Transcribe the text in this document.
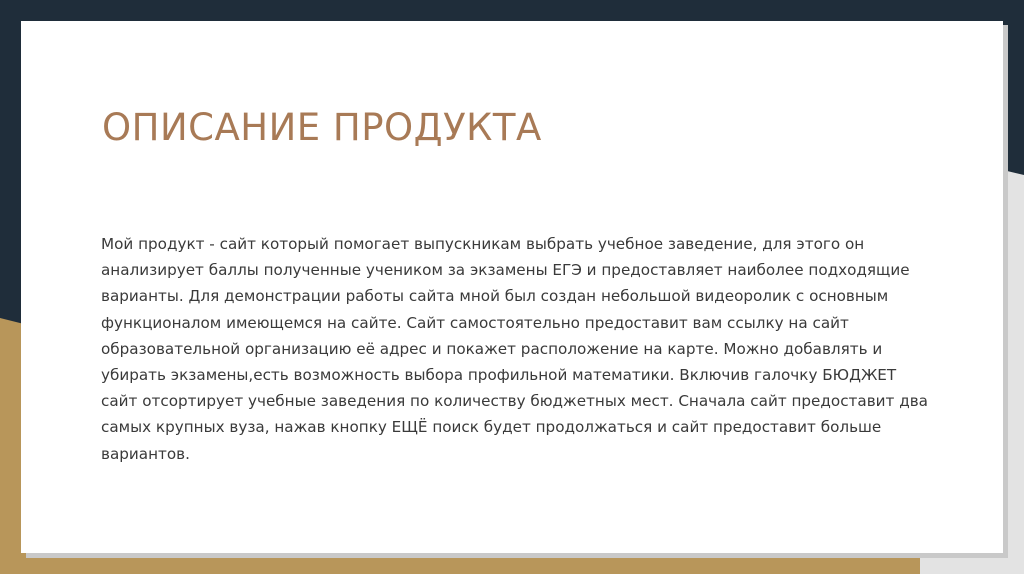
ОПИСАНИЕ ПРОДУКТА

Мой продукт - сайт который помогает выпускникам выбрать учебное заведение, для этого он анализирует баллы полученные учеником за экзамены ЕГЭ и предоставляет наиболее подходящие варианты. Для демонстрации работы сайта мной был создан небольшой видеоролик с основным функционалом имеющемся на сайте. Сайт самостоятельно предоставит вам ссылку на сайт образовательной организацию её адрес и покажет расположение на карте. Можно добавлять и убирать экзамены,есть возможность выбора профильной математики. Включив галочку БЮДЖЕТ сайт отсортирует учебные заведения по количеству бюджетных мест. Сначала сайт предоставит два самых крупных вуза, нажав кнопку ЕЩЁ поиск будет продолжаться и сайт предоставит больше вариантов.
